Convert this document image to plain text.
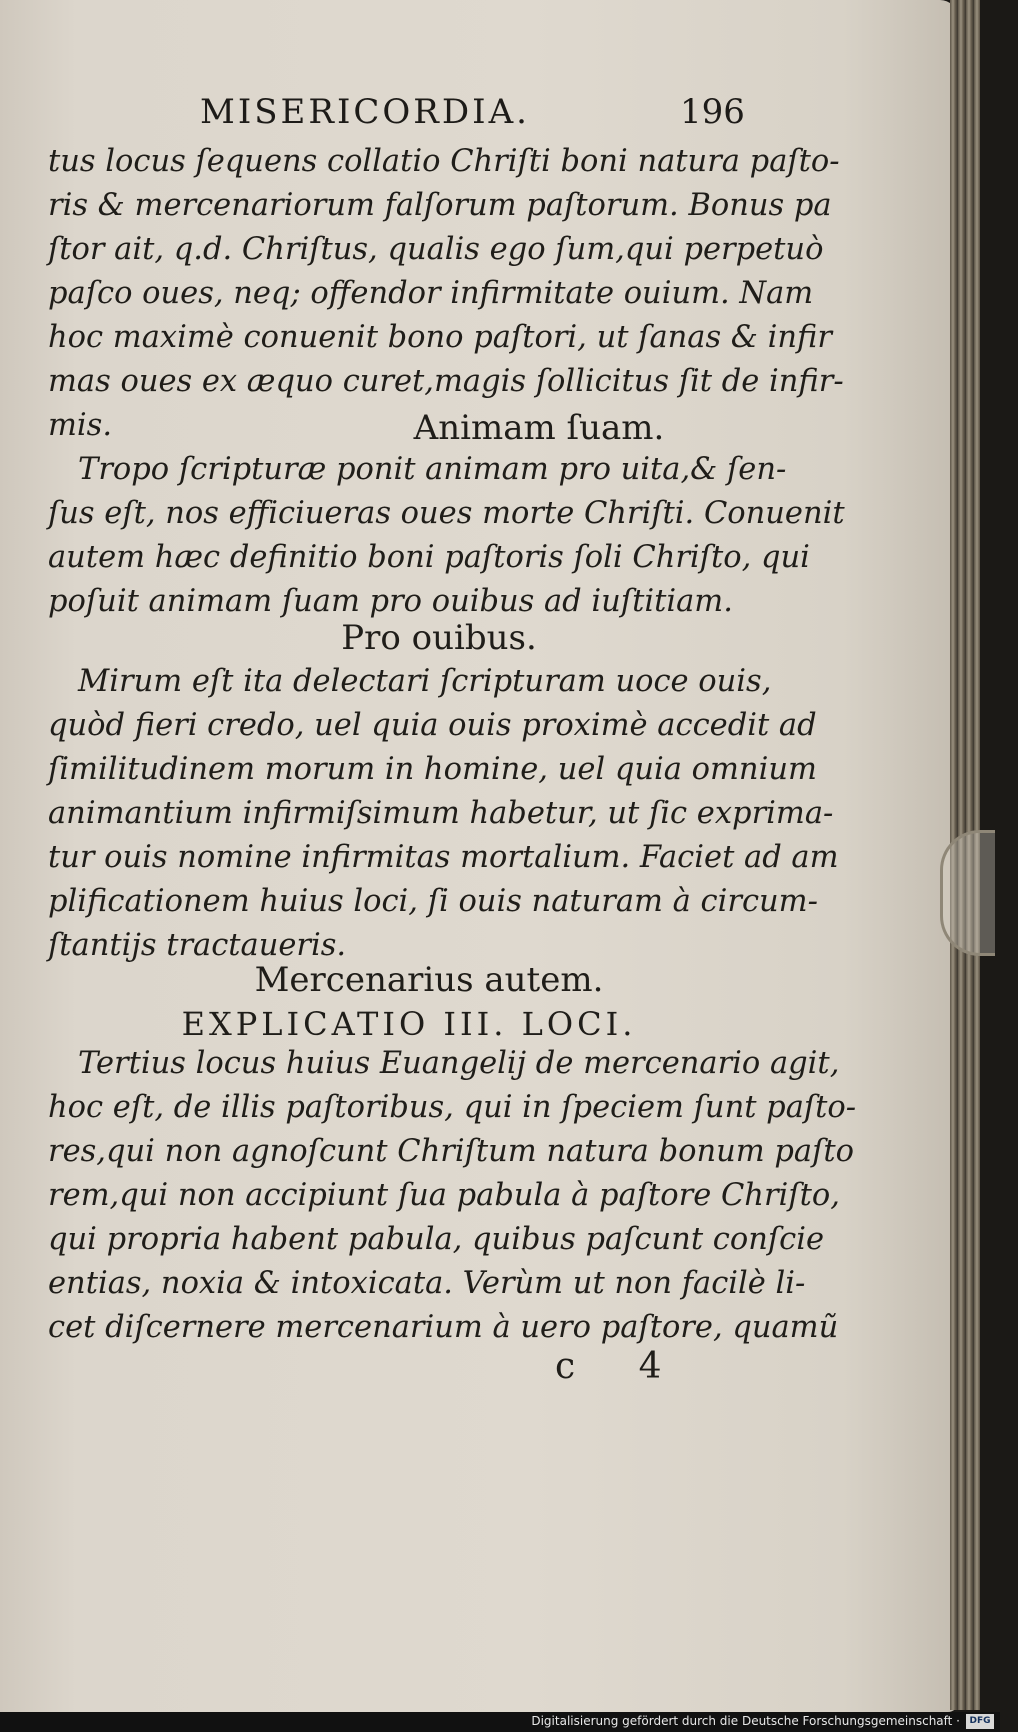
MISERICORDIA.	196
tus locus ſequens collatio Chriſti boni natura paſto-
ris & mercenariorum falſorum paſtorum. Bonus pa
ſtor ait, q.d. Chriſtus, qualis ego ſum,qui perpetuò
paſco oues, neq; offendor infirmitate ouium. Nam
hoc maximè conuenit bono paſtori, ut ſanas & infir
mas oues ex æquo curet,magis ſollicitus ſit de infir-
mis.	Animam ſuam.
Tropo ſcripturæ ponit animam pro uita,& ſen-
ſus eſt, nos efficiuerаs oues morte Chriſti. Conuenit
autem hæc definitio boni paſtoris ſoli Chriſto, qui
poſuit animam ſuam pro ouibus ad iuſtitiam.
Pro ouibus.
Mirum eſt ita delectari ſcripturam uoce ouis,
quòd fieri credo, uel quia ouis proximè accedit ad
ſimilitudinem morum in homine, uel quia omnium
animantium infirmiſsimum habetur, ut ſic exprima-
tur ouis nomine infirmitas mortalium. Faciet ad am
plificationem huius loci, ſi ouis naturam à circum-
ſtantijs tractaueris.
Mercenarius autem.
EXPLICATIO III. LOCI.
Tertius locus huius Euangelij de mercenario agit,
hoc eſt, de illis paſtoribus, qui in ſpeciem ſunt paſto-
res,qui non agnoſcunt Chriſtum natura bonum paſto
rem,qui non accipiunt ſua pabula à paſtore Chriſto,
qui propria habent pabula, quibus paſcunt conſcie
entias, noxia & intoxicata. Verùm ut non facilè li-
cet diſcernere mercenarium à uero paſtore, quamũ
c 4
Digitalisierung gefördert durch die Deutsche Forschungsgemeinschaft ·	DFG
